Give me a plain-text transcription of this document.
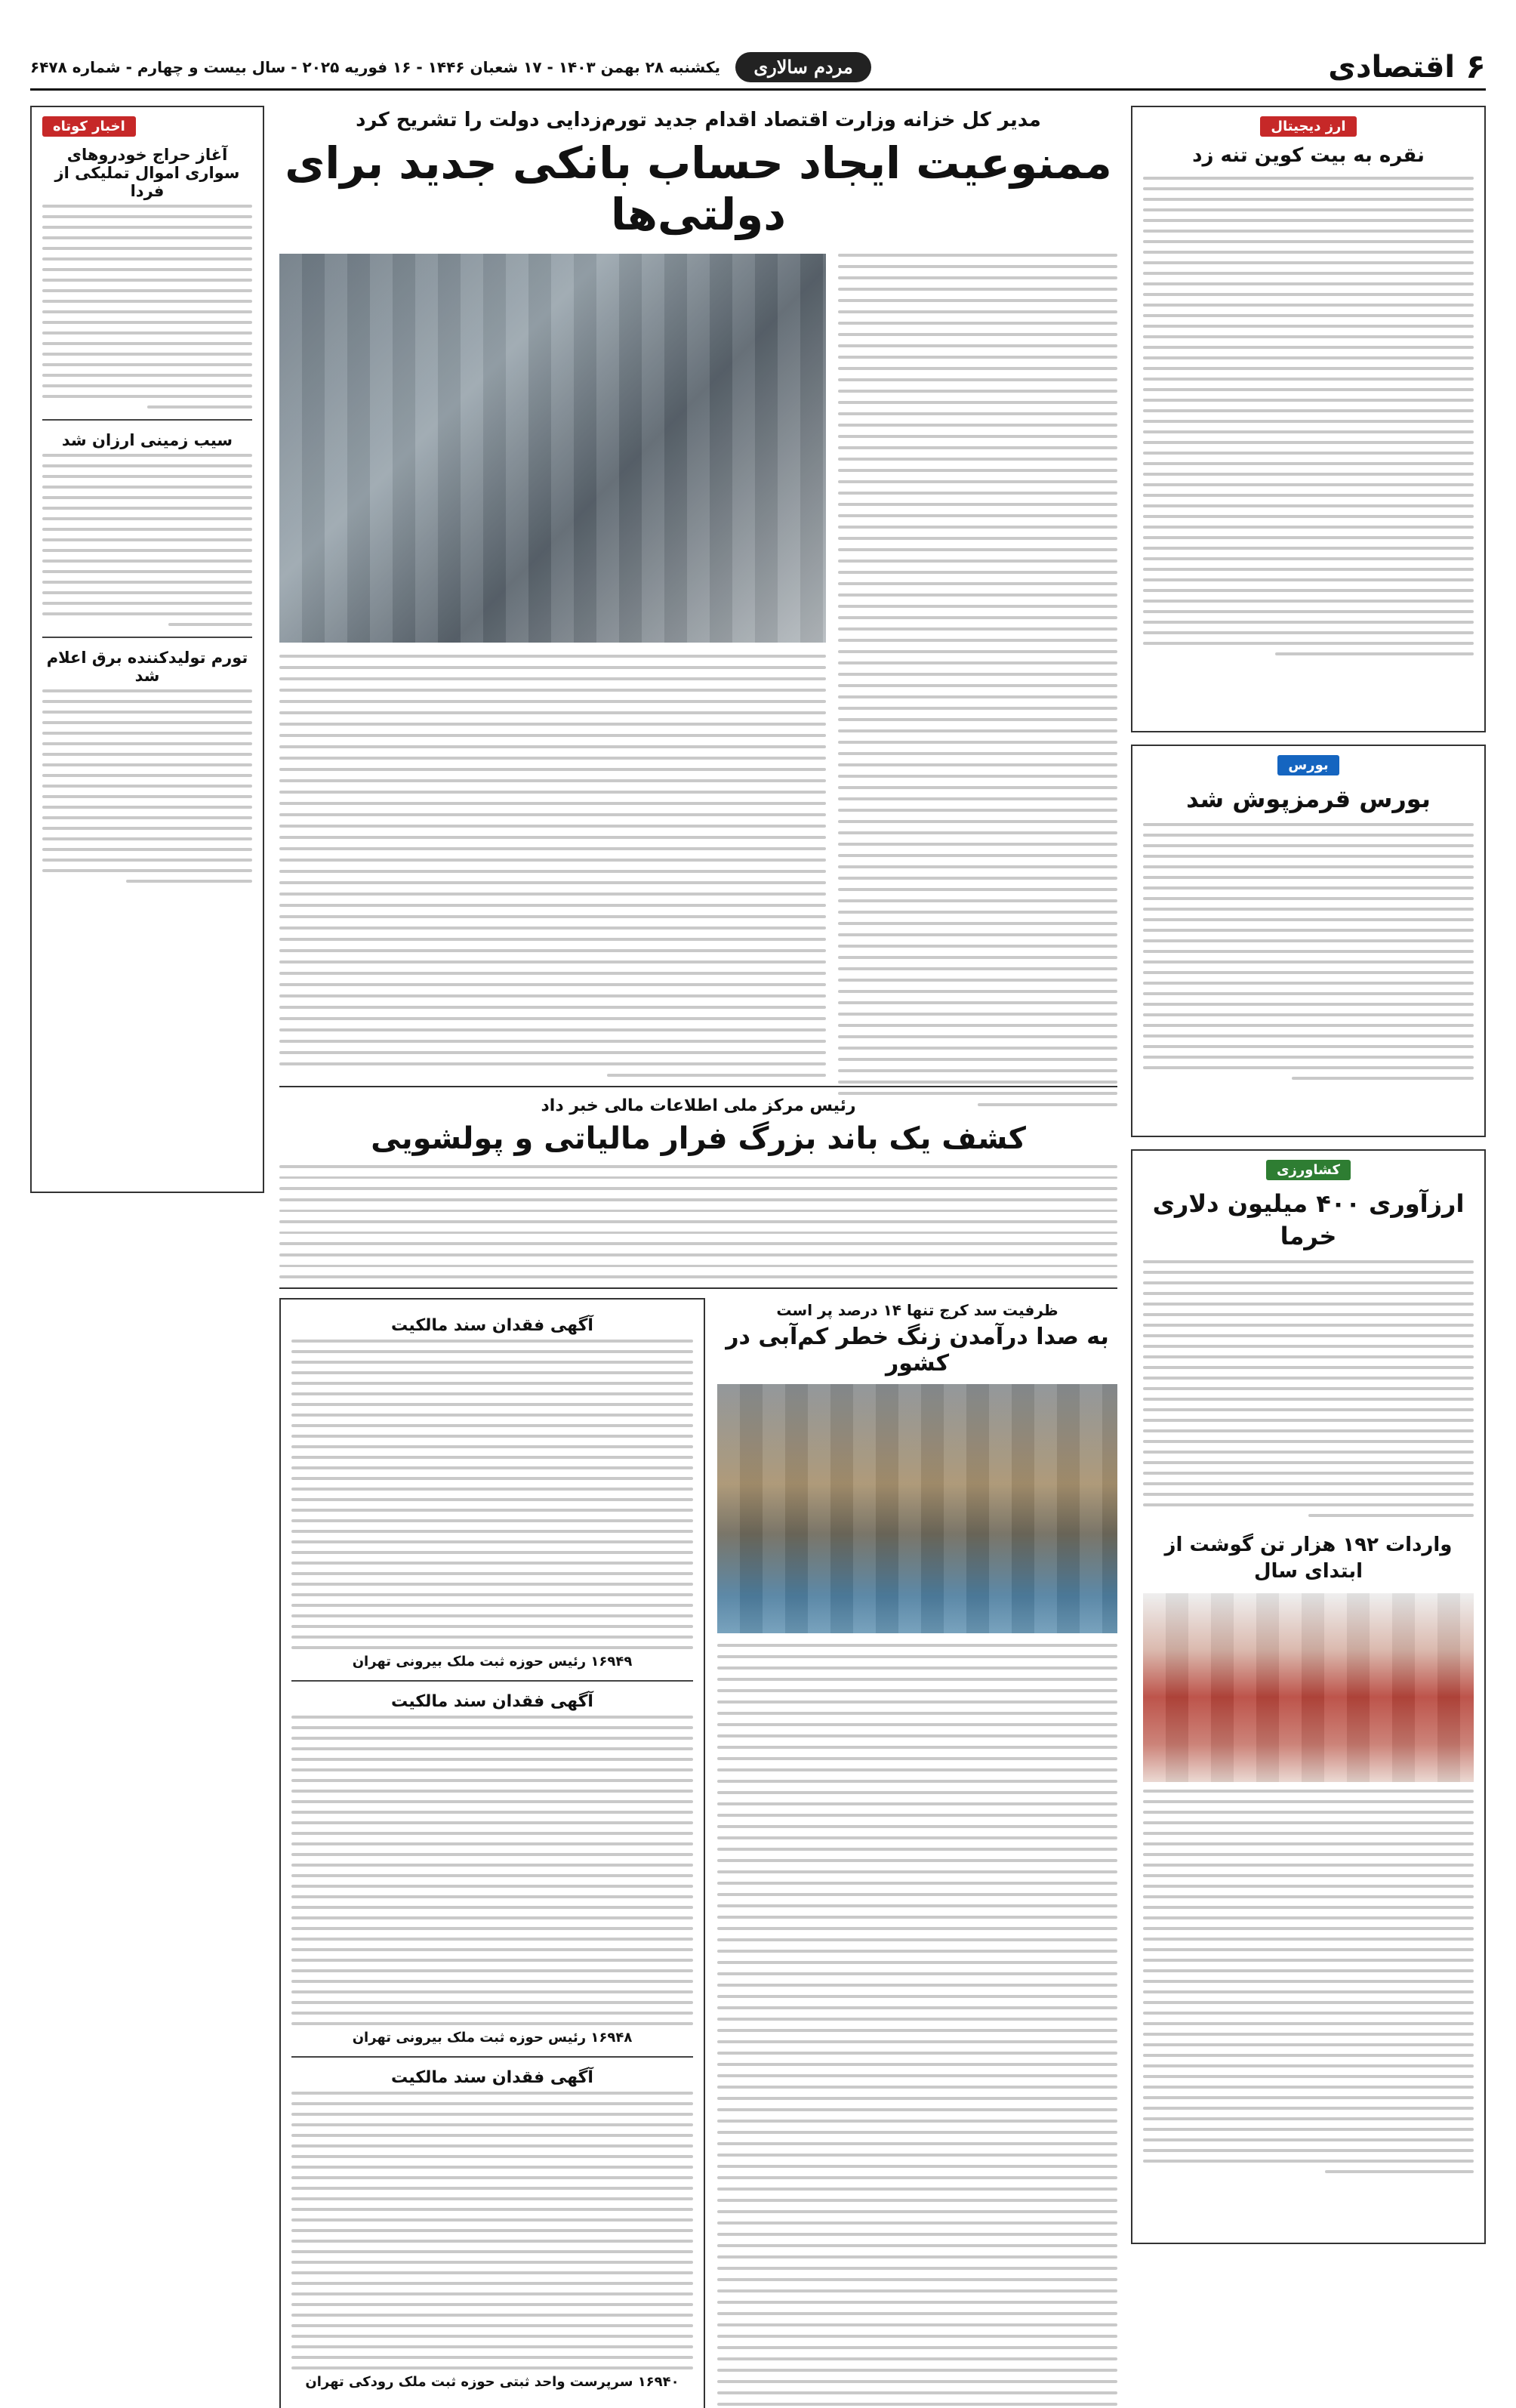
۶
اقتصادی
مردم سالاری
یکشنبه ۲۸ بهمن ۱۴۰۳ - ۱۷ شعبان ۱۴۴۶ - ۱۶ فوریه ۲۰۲۵ - سال بیست و چهارم - شماره ۶۴۷۸
ارز دیجیتال
نقره به بیت کوین تنه زد
بورس
بورس قرمزپوش شد
کشاورزی
ارزآوری ۴۰۰ میلیون دلاری خرما
واردات ۱۹۲ هزار تن گوشت از ابتدای سال
اخبار کوتاه
آغاز حراج خودروهای سواری اموال تملیکی از فردا
سیب زمینی ارزان شد
تورم تولیدکننده برق اعلام شد
مدیر کل خزانه وزارت اقتصاد اقدام جدید تورم‌زدایی دولت را تشریح کرد
ممنوعیت ایجاد حساب بانکی جدید برای دولتی‌ها
رئیس مرکز ملی اطلاعات مالی خبر داد
کشف یک باند بزرگ فرار مالیاتی و پولشویی
ظرفیت سد کرج تنها ۱۴ درصد پر است
به صدا درآمدن زنگ خطر کم‌آبی در کشور
آگهی فقدان سند مالکیت
۱۶۹۴۹ رئیس حوزه ثبت ملک بیرونی تهران
آگهی فقدان سند مالکیت
۱۶۹۴۸ رئیس حوزه ثبت ملک بیرونی تهران
آگهی فقدان سند مالکیت
۱۶۹۴۰ سرپرست واحد ثبتی حوزه ثبت ملک رودکی تهران
